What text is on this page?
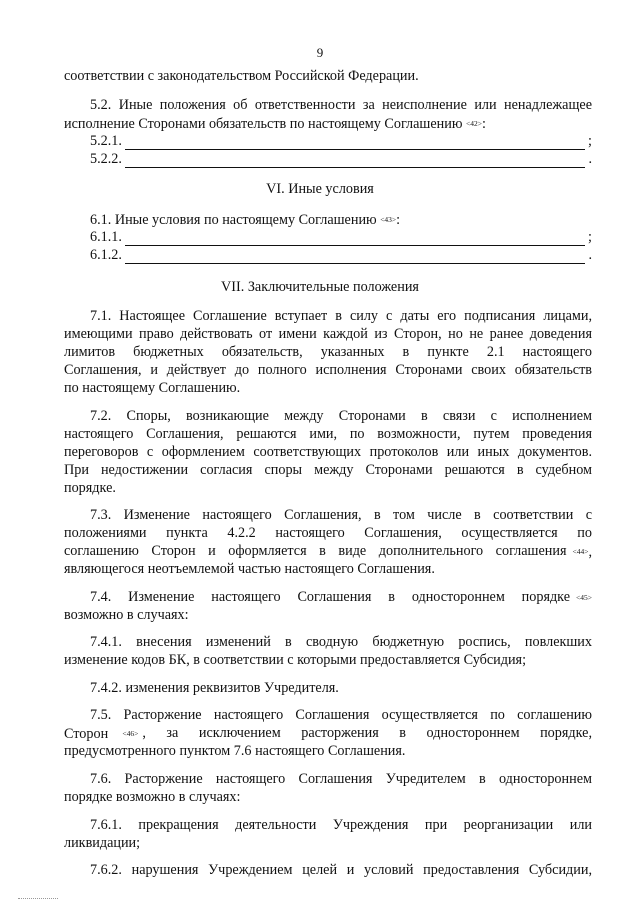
9
соответствии с законодательством Российской Федерации.
5.2. Иные положения об ответственности за неисполнение или ненадлежащее
исполнение Сторонами обязательств по настоящему Соглашению <42>:
5.2.1.	;
5.2.2.	.
VI. Иные условия
6.1. Иные условия по настоящему Соглашению <43>:
6.1.1.	;
6.1.2.	.
VII. Заключительные положения
7.1. Настоящее Соглашение вступает в силу с даты его подписания лицами,
имеющими право действовать от имени каждой из Сторон, но не ранее доведения
лимитов бюджетных обязательств, указанных в пункте 2.1 настоящего
Соглашения, и действует до полного исполнения Сторонами своих обязательств
по настоящему Соглашению.
7.2. Споры, возникающие между Сторонами в связи с исполнением
настоящего Соглашения, решаются ими, по возможности, путем проведения
переговоров с оформлением соответствующих протоколов или иных документов.
При недостижении согласия споры между Сторонами решаются в судебном
порядке.
7.3. Изменение настоящего Соглашения, в том числе в соответствии с
положениями пункта 4.2.2 настоящего Соглашения, осуществляется по
соглашению Сторон и оформляется в виде дополнительного соглашения <44>,
являющегося неотъемлемой частью настоящего Соглашения.
7.4. Изменение настоящего Соглашения в одностороннем порядке <45>
возможно в случаях:
7.4.1. внесения изменений в сводную бюджетную роспись, повлекших
изменение кодов БК, в соответствии с которыми предоставляется Субсидия;
7.4.2. изменения реквизитов Учредителя.
7.5. Расторжение настоящего Соглашения осуществляется по соглашению
Сторон <46> , за исключением расторжения в одностороннем порядке,
предусмотренного пунктом 7.6 настоящего Соглашения.
7.6. Расторжение настоящего Соглашения Учредителем в одностороннем
порядке возможно в случаях:
7.6.1. прекращения деятельности Учреждения при реорганизации или
ликвидации;
7.6.2. нарушения Учреждением целей и условий предоставления Субсидии,
